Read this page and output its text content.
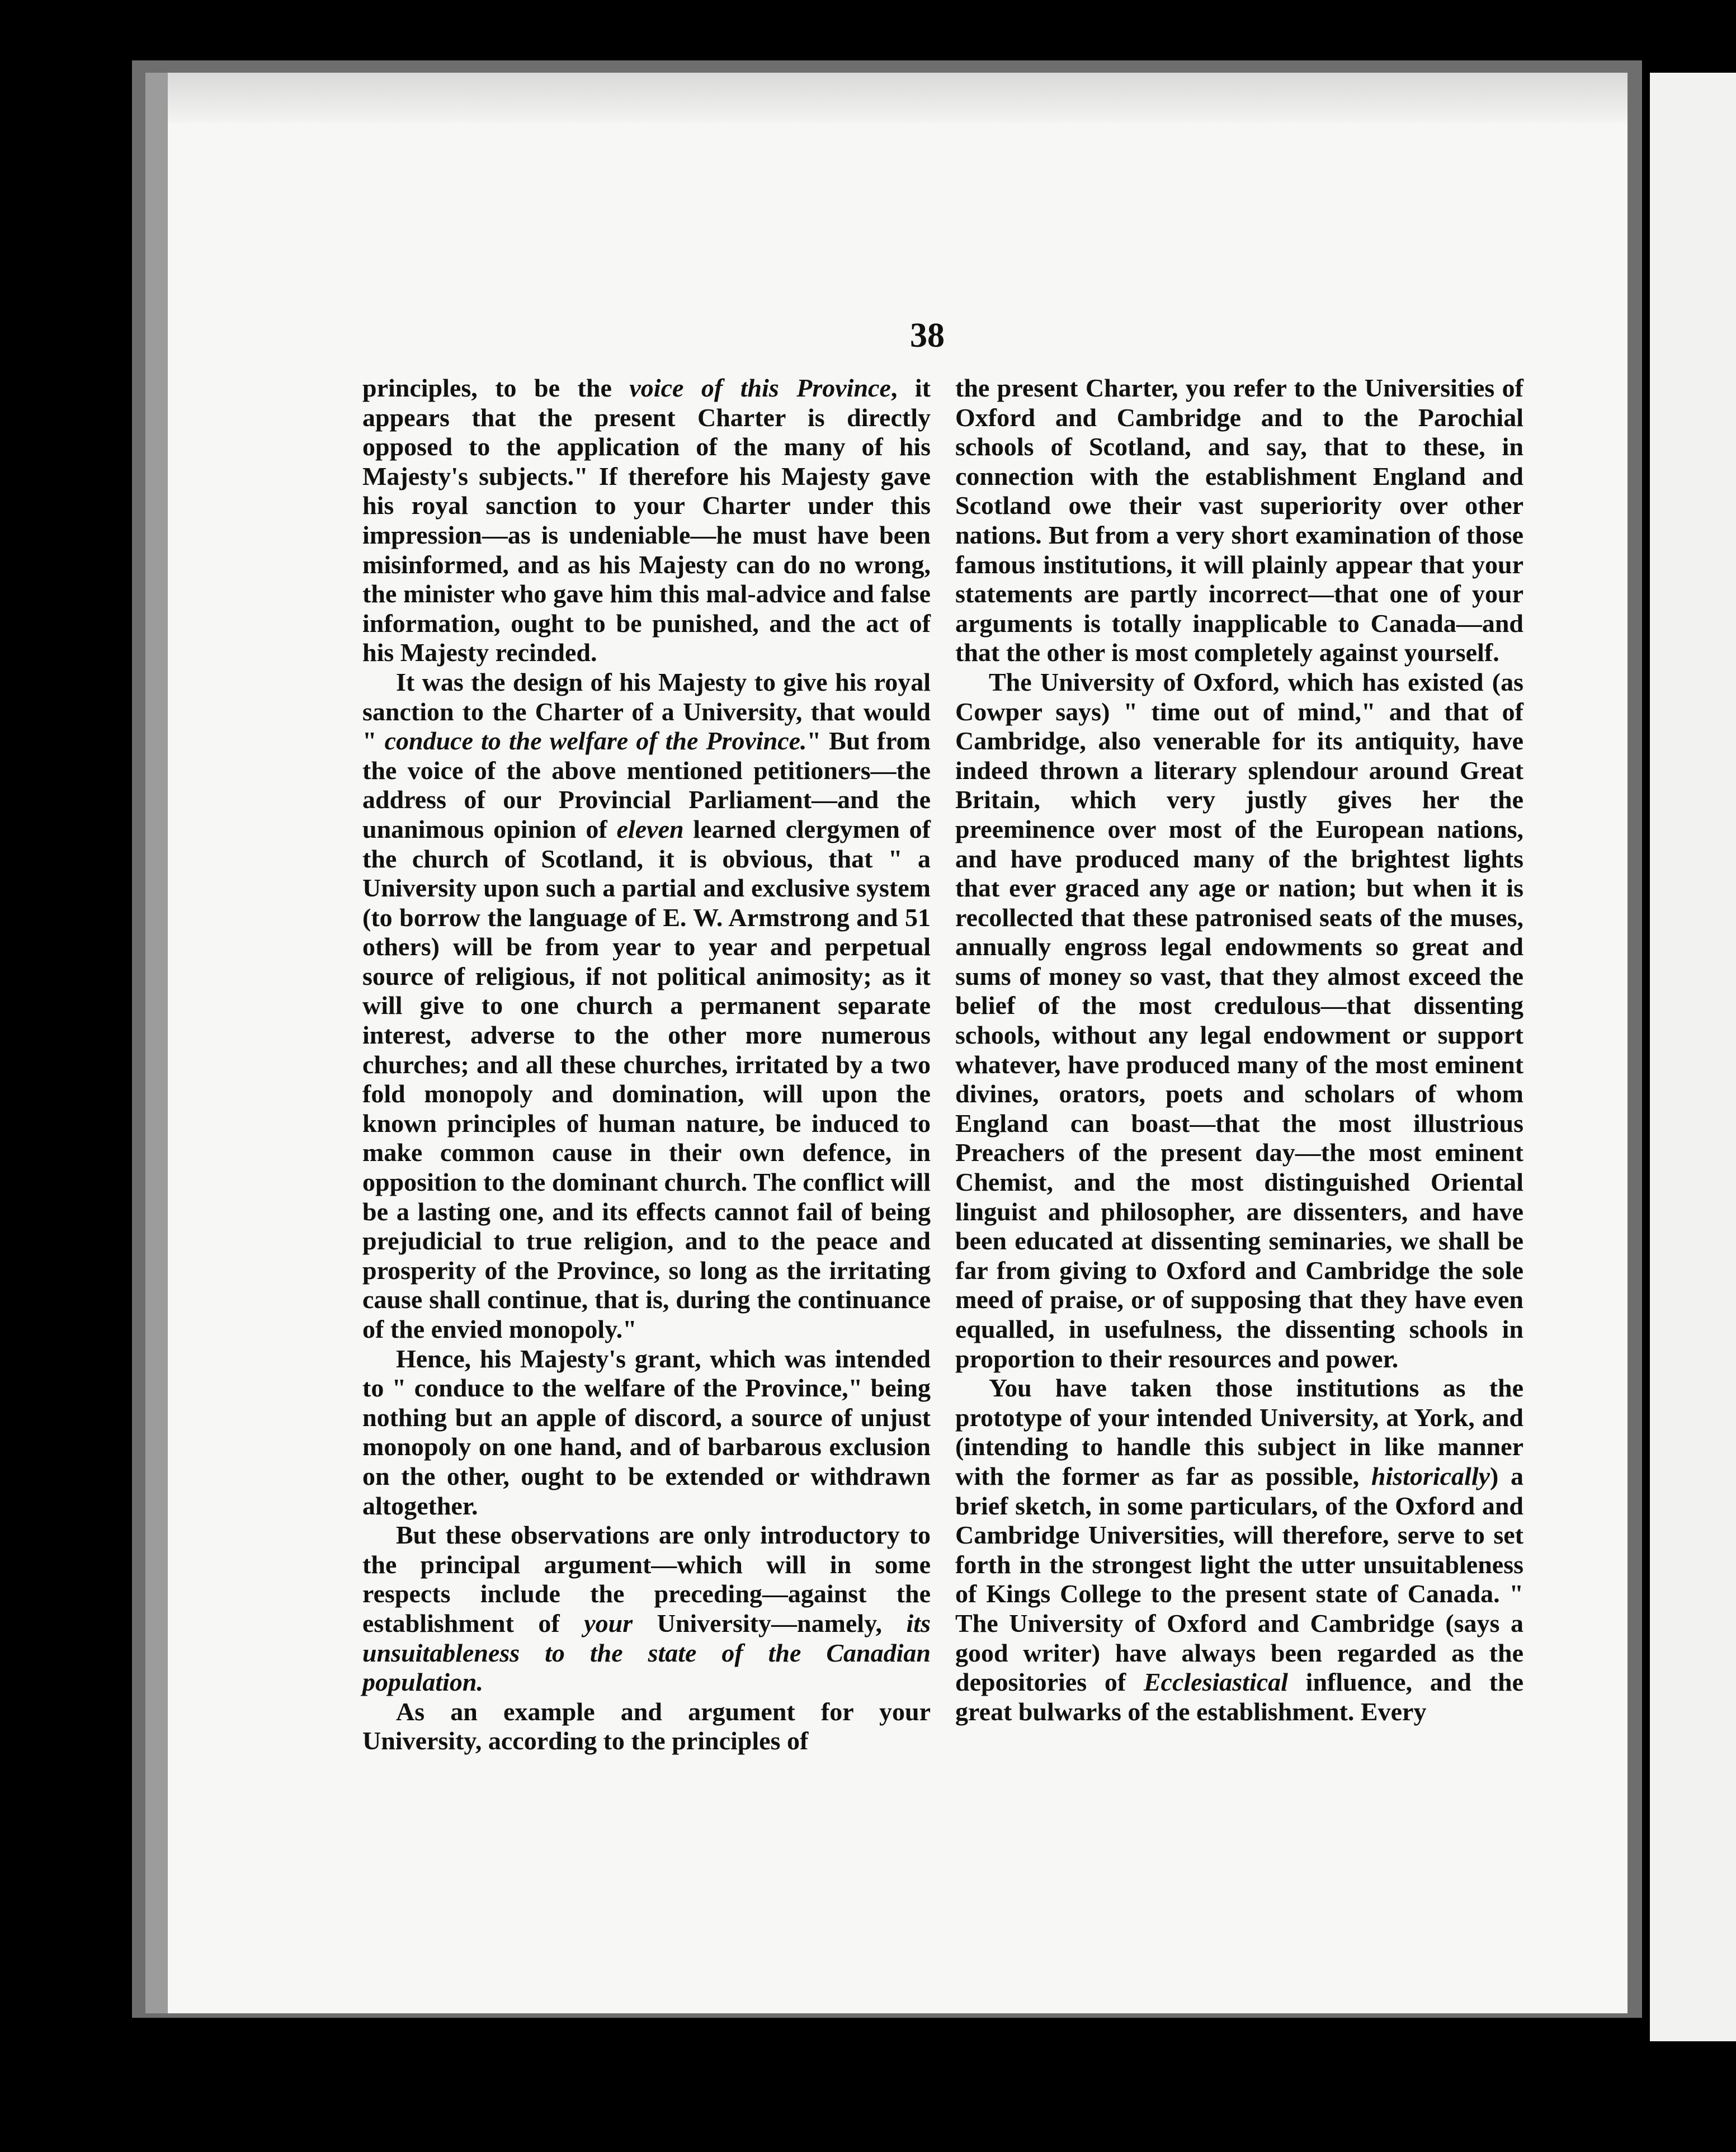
38

principles, to be the voice of this Province, it appears that the present Charter is directly opposed to the application of the many of his Majesty's subjects." If therefore his Majesty gave his royal sanction to your Charter under this impression—as is undeniable—he must have been misinformed, and as his Majesty can do no wrong, the minister who gave him this mal-advice and false information, ought to be punished, and the act of his Majesty recinded.

It was the design of his Majesty to give his royal sanction to the Charter of a University, that would " conduce to the welfare of the Province." But from the voice of the above mentioned petitioners—the address of our Provincial Parliament—and the unanimous opinion of eleven learned clergymen of the church of Scotland, it is obvious, that " a University upon such a partial and exclusive system (to borrow the language of E. W. Armstrong and 51 others) will be from year to year and perpetual source of religious, if not political animosity; as it will give to one church a permanent separate interest, adverse to the other more numerous churches; and all these churches, irritated by a two fold monopoly and domination, will upon the known principles of human nature, be induced to make common cause in their own defence, in opposition to the dominant church. The conflict will be a lasting one, and its effects cannot fail of being prejudicial to true religion, and to the peace and prosperity of the Province, so long as the irritating cause shall continue, that is, during the continuance of the envied monopoly."

Hence, his Majesty's grant, which was intended to " conduce to the welfare of the Province," being nothing but an apple of discord, a source of unjust monopoly on one hand, and of barbarous exclusion on the other, ought to be extended or withdrawn altogether.

But these observations are only introductory to the principal argument—which will in some respects include the preceding—against the establishment of your University—namely, its unsuitableness to the state of the Canadian population.

As an example and argument for your University, according to the principles of

the present Charter, you refer to the Universities of Oxford and Cambridge and to the Parochial schools of Scotland, and say, that to these, in connection with the establishment England and Scotland owe their vast superiority over other nations. But from a very short examination of those famous institutions, it will plainly appear that your statements are partly incorrect—that one of your arguments is totally inapplicable to Canada—and that the other is most completely against yourself.

The University of Oxford, which has existed (as Cowper says) " time out of mind," and that of Cambridge, also venerable for its antiquity, have indeed thrown a literary splendour around Great Britain, which very justly gives her the preeminence over most of the European nations, and have produced many of the brightest lights that ever graced any age or nation; but when it is recollected that these patronised seats of the muses, annually engross legal endowments so great and sums of money so vast, that they almost exceed the belief of the most credulous—that dissenting schools, without any legal endowment or support whatever, have produced many of the most eminent divines, orators, poets and scholars of whom England can boast—that the most illustrious Preachers of the present day—the most eminent Chemist, and the most distinguished Oriental linguist and philosopher, are dissenters, and have been educated at dissenting seminaries, we shall be far from giving to Oxford and Cambridge the sole meed of praise, or of supposing that they have even equalled, in usefulness, the dissenting schools in proportion to their resources and power.

You have taken those institutions as the prototype of your intended University, at York, and (intending to handle this subject in like manner with the former as far as possible, historically) a brief sketch, in some particulars, of the Oxford and Cambridge Universities, will therefore, serve to set forth in the strongest light the utter unsuitableness of Kings College to the present state of Canada. " The University of Oxford and Cambridge (says a good writer) have always been regarded as the depositories of Ecclesiastical influence, and the great bulwarks of the establishment. Every
